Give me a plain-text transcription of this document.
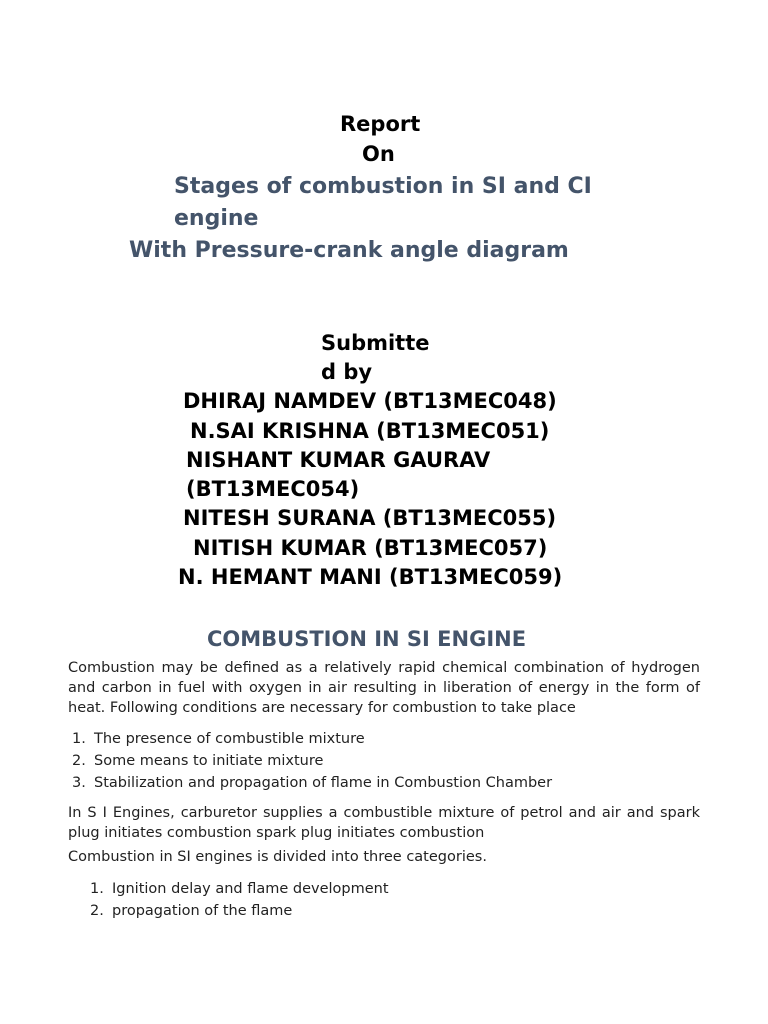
Report
On
Stages of combustion in SI and CI
engine
With Pressure-crank angle diagram
Submitte
d by
DHIRAJ NAMDEV (BT13MEC048)
N.SAI KRISHNA (BT13MEC051)
NISHANT KUMAR GAURAV
(BT13MEC054)
NITESH SURANA (BT13MEC055)
NITISH KUMAR (BT13MEC057)
N. HEMANT MANI (BT13MEC059)
COMBUSTION IN SI ENGINE
Combustion may be defined as a relatively rapid chemical combination of hydrogen and carbon in fuel with oxygen in air resulting in liberation of energy in the form of heat. Following conditions are necessary for combustion to take place
1. The presence of combustible mixture
2. Some means to initiate mixture
3. Stabilization and propagation of flame in Combustion Chamber
In S I Engines, carburetor supplies a combustible mixture of petrol and air and spark plug initiates combustion spark plug initiates combustion
Combustion in SI engines is divided into three categories.
1. Ignition delay and flame development
2. propagation of the flame
